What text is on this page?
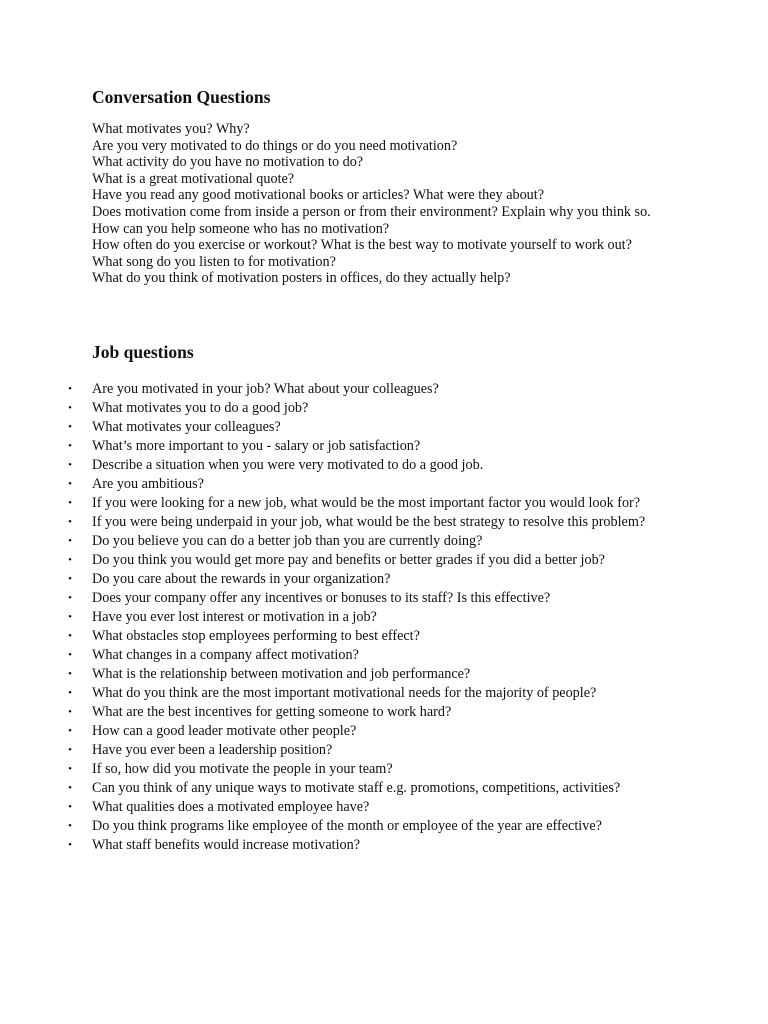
Conversation Questions
What motivates you? Why?
Are you very motivated to do things or do you need motivation?
What activity do you have no motivation to do?
What is a great motivational quote?
Have you read any good motivational books or articles? What were they about?
Does motivation come from inside a person or from their environment? Explain why you think so.
How can you help someone who has no motivation?
How often do you exercise or workout? What is the best way to motivate yourself to work out?
What song do you listen to for motivation?
What do you think of motivation posters in offices, do they actually help?
Job questions
• Are you motivated in your job? What about your colleagues?
• What motivates you to do a good job?
• What motivates your colleagues?
• What’s more important to you - salary or job satisfaction?
• Describe a situation when you were very motivated to do a good job.
• Are you ambitious?
• If you were looking for a new job, what would be the most important factor you would look for?
• If you were being underpaid in your job, what would be the best strategy to resolve this problem?
• Do you believe you can do a better job than you are currently doing?
• Do you think you would get more pay and benefits or better grades if you did a better job?
• Do you care about the rewards in your organization?
• Does your company offer any incentives or bonuses to its staff? Is this effective?
• Have you ever lost interest or motivation in a job?
• What obstacles stop employees performing to best effect?
• What changes in a company affect motivation?
• What is the relationship between motivation and job performance?
• What do you think are the most important motivational needs for the majority of people?
• What are the best incentives for getting someone to work hard?
• How can a good leader motivate other people?
• Have you ever been a leadership position?
• If so, how did you motivate the people in your team?
• Can you think of any unique ways to motivate staff e.g. promotions, competitions, activities?
• What qualities does a motivated employee have?
• Do you think programs like employee of the month or employee of the year are effective?
• What staff benefits would increase motivation?
